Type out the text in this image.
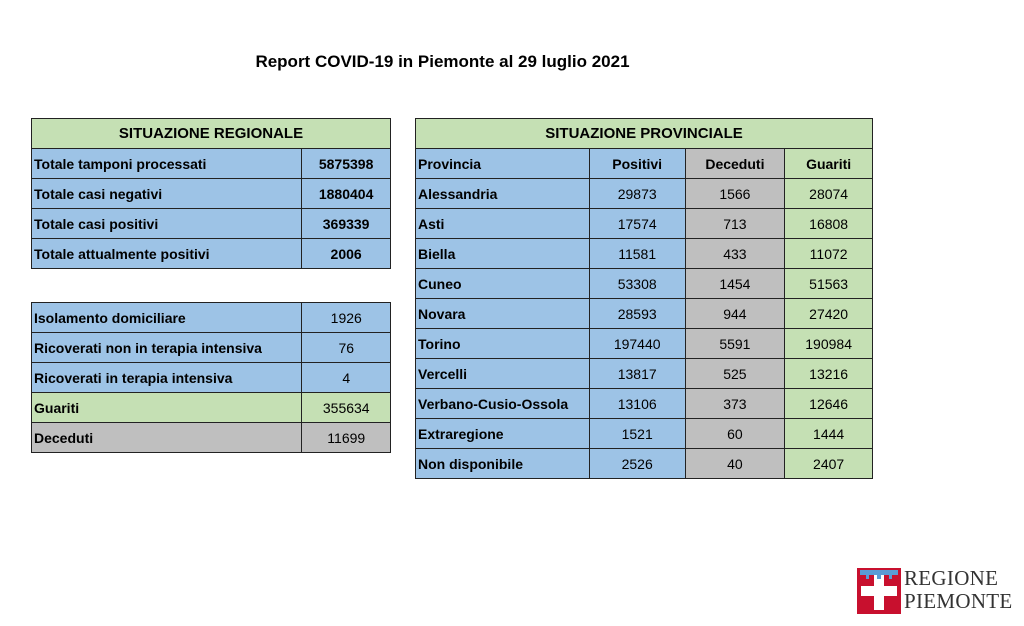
Report COVID-19 in Piemonte al 29 luglio 2021
SITUAZIONE REGIONALE	
Totale tamponi processati	5875398
Totale casi negativi	1880404
Totale casi positivi	369339
Totale attualmente positivi	2006
Isolamento domiciliare	1926
Ricoverati non in terapia intensiva	76
Ricoverati in terapia intensiva	4
Guariti	355634
Deceduti	11699
SITUAZIONE PROVINCIALE			
Provincia	Positivi	Deceduti	Guariti
Alessandria	29873	1566	28074
Asti	17574	713	16808
Biella	11581	433	11072
Cuneo	53308	1454	51563
Novara	28593	944	27420
Torino	197440	5591	190984
Vercelli	13817	525	13216
Verbano-Cusio-Ossola	13106	373	12646
Extraregione	1521	60	1444
Non disponibile	2526	40	2407
REGIONE
PIEMONTE
